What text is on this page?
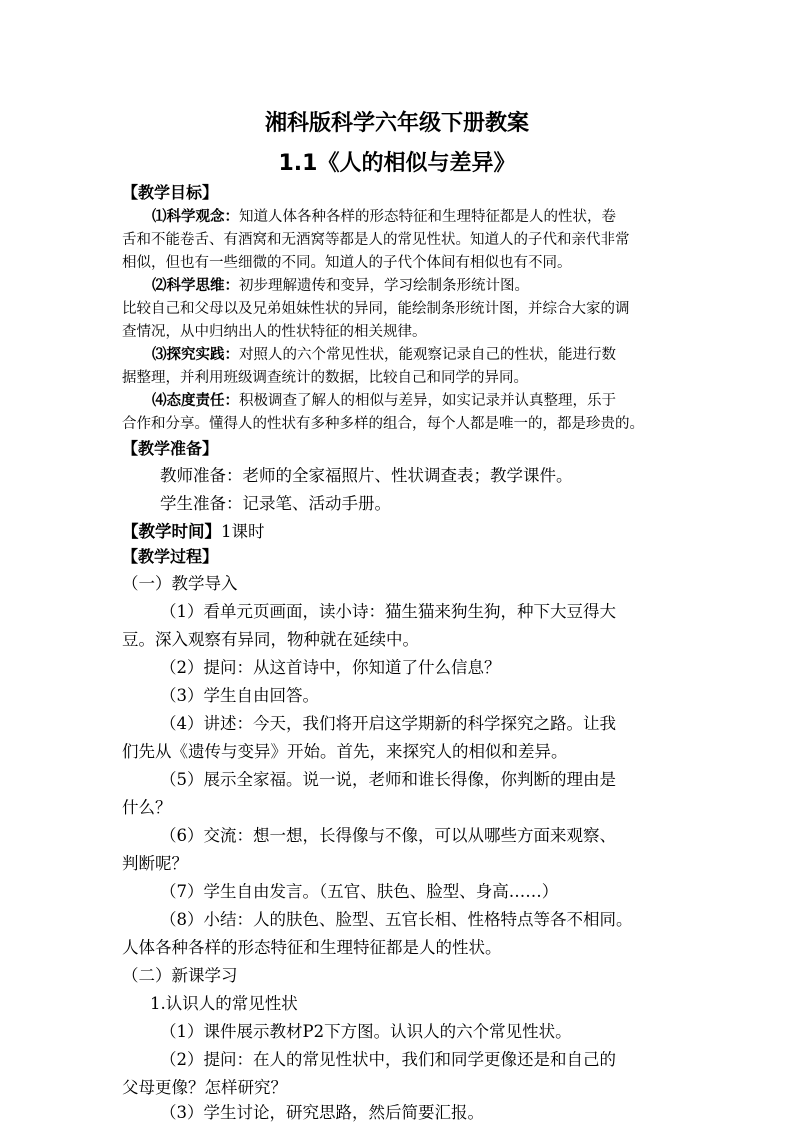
湘科版科学六年级下册教案
1.1《人的相似与差异》
【教学目标】
⑴科学观念：知道人体各种各样的形态特征和生理特征都是人的性状，卷
舌和不能卷舌、有酒窝和无酒窝等都是人的常见性状。知道人的子代和亲代非常
相似，但也有一些细微的不同。知道人的子代个体间有相似也有不同。
⑵科学思维：初步理解遗传和变异，学习绘制条形统计图。
比较自己和父母以及兄弟姐妹性状的异同，能绘制条形统计图，并综合大家的调
查情况，从中归纳出人的性状特征的相关规律。
⑶探究实践：对照人的六个常见性状，能观察记录自己的性状，能进行数
据整理，并利用班级调查统计的数据，比较自己和同学的异同。
⑷态度责任：积极调查了解人的相似与差异，如实记录并认真整理，乐于
合作和分享。懂得人的性状有多种多样的组合，每个人都是唯一的，都是珍贵的。
【教学准备】
教师准备：老师的全家福照片、性状调查表；教学课件。
学生准备：记录笔、活动手册。
【教学时间】1课时
【教学过程】
（一）教学导入
（1）看单元页画面，读小诗：猫生猫来狗生狗，种下大豆得大
豆。深入观察有异同，物种就在延续中。
（2）提问：从这首诗中，你知道了什么信息？
（3）学生自由回答。
（4）讲述：今天，我们将开启这学期新的科学探究之路。让我
们先从《遗传与变异》开始。首先，来探究人的相似和差异。
（5）展示全家福。说一说，老师和谁长得像，你判断的理由是
什么？
（6）交流：想一想，长得像与不像，可以从哪些方面来观察、
判断呢？
（7）学生自由发言。（五官、肤色、脸型、身高……）
（8）小结：人的肤色、脸型、五官长相、性格特点等各不相同。
人体各种各样的形态特征和生理特征都是人的性状。
（二）新课学习
1.认识人的常见性状
（1）课件展示教材P2下方图。认识人的六个常见性状。
（2）提问：在人的常见性状中，我们和同学更像还是和自己的
父母更像？怎样研究？
（3）学生讨论，研究思路，然后简要汇报。
